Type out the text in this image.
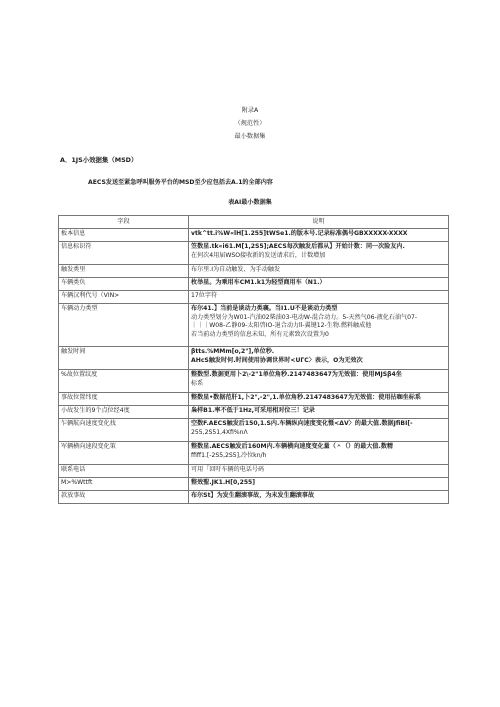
附录A
（规范性）
最小数据集
A．1JS小效据集（MSD）
AECS发送至紧急呼叫服务平台的MSD至少应包括去A.1的全部内容
表AI最小数据集
字段	说明
板本信息	vtk^tt.i%W«lH[1.255]tWSe1.的版本号.记录标准偶号GBXXXXX-XXXX

信息标识符	笠数星.tk«i61.M[1,2S5];AECS每次触发后都从】开始计数：同一次险友内.
在何次4用届WSO接收新的发送请求后，计数增加

触发类里	布尔里.I为自动触发、为手动触发

车辆类负	枚举星。为乘用车CM1.k1为轻型商用车（N1.）

车辆汉利代号（VIN>	17位字符

车辆动力类型	布尔41.】当前是谈动力类襄。当I1.U不是谈动力类型
动力类型划分为W01-汽油02柴油03-电动W-混合动力。5-天然气06-液化石油气07-
｜｜｜W08-乙静09-太阳啓IO-退合动力ll-翼键12-生物.燃料触成他
若当前动力类型的信息未知，所有元素致次设置为0

触发时间	βtts.%MMm[o,2"],单位秒.
AHcS触发时何.时间使用协调世界时<UΓC〉表示，O为无效次

%故位置纹度	整数型.数据更用卜2\-2"1单位角秒.2147483647为无效值：使用MJSβ4坐
标系

事故位置纬度	整数星•数据范肝1,卜2",-2",1.单位角秒.2147483647为无效值：使用拈咖坐标系

小故发生的9个点位经4度	枭样B1.率不低于1Hz,可采用相对位三！记录

乍辆航向速度变化找	空数F.AECS触发后150,1.S内.车辆纵向速度变化慑<ΔV〉的最大值.数据JfiBI[-
255,2S51,4Xfi%nΛ

军辆横向速段变化策	整数星.AECS触发后160M内.车辆横向速度变化量（＾（）的最大值.数精
ffiff1.[-2S5,2S5],冷位kn/h

联系电话	可用「回吁车辆的电话号码

M>%Wttft	整效聖.JK1.H[0,255]

款放事故	布尔St】为发生翻滚事故，为未发生翻滚事故
